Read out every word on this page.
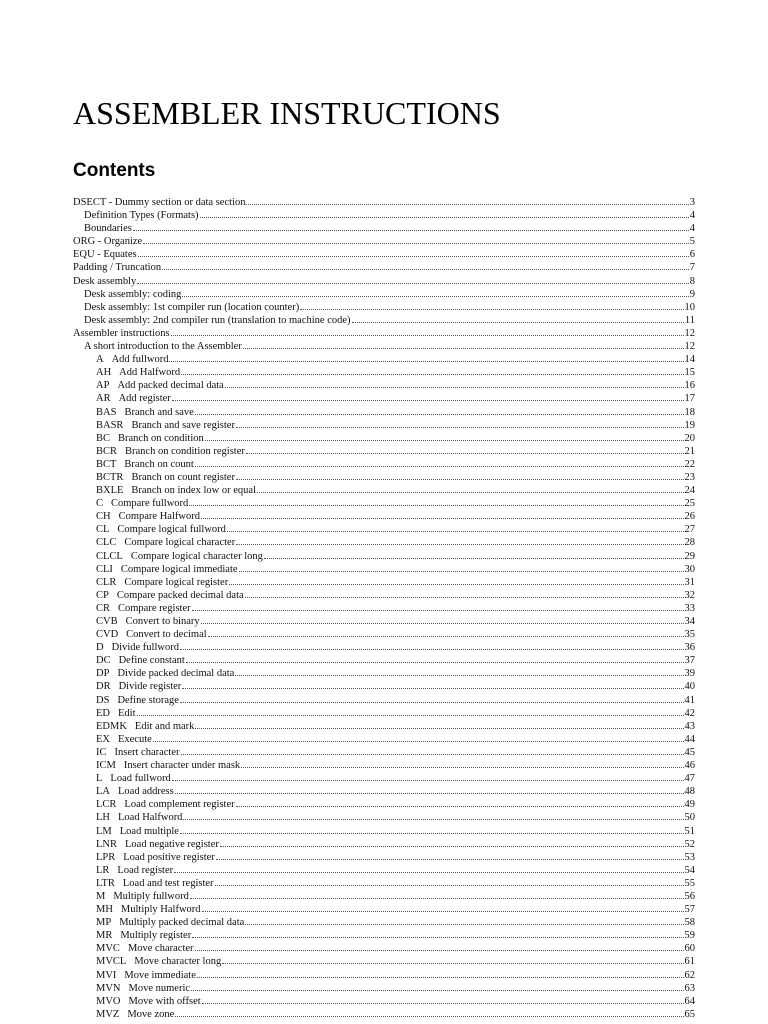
ASSEMBLER INSTRUCTIONS
Contents
DSECT - Dummy section or data section	3
Definition Types (Formats)	4
Boundaries	4
ORG - Organize	5
EQU - Equates	6
Padding / Truncation	7
Desk assembly	8
Desk assembly: coding	9
Desk assembly: 1st compiler run (location counter)	10
Desk assembly: 2nd compiler run (translation to machine code)	11
Assembler instructions	12
A short introduction to the Assembler	12
A Add fullword	14
AH Add Halfword	15
AP Add packed decimal data	16
AR Add register	17
BAS Branch and save	18
BASR Branch and save register	19
BC Branch on condition	20
BCR Branch on condition register	21
BCT Branch on count	22
BCTR Branch on count register	23
BXLE Branch on index low or equal	24
C Compare fullword	25
CH Compare Halfword	26
CL Compare logical fullword	27
CLC Compare logical character	28
CLCL Compare logical character long	29
CLI Compare logical immediate	30
CLR Compare logical register	31
CP Compare packed decimal data	32
CR Compare register	33
CVB Convert to binary	34
CVD Convert to decimal	35
D Divide fullword	36
DC Define constant	37
DP Divide packed decimal data	39
DR Divide register	40
DS Define storage	41
ED Edit	42
EDMK Edit and mark	43
EX Execute	44
IC Insert character	45
ICM Insert character under mask	46
L Load fullword	47
LA Load address	48
LCR Load complement register	49
LH Load Halfword	50
LM Load multiple	51
LNR Load negative register	52
LPR Load positive register	53
LR Load register	54
LTR Load and test register	55
M Multiply fullword	56
MH Multiply Halfword	57
MP Multiply packed decimal data	58
MR Multiply register	59
MVC Move character	60
MVCL Move character long	61
MVI Move immediate	62
MVN Move numeric	63
MVO Move with offset	64
MVZ Move zone	65
